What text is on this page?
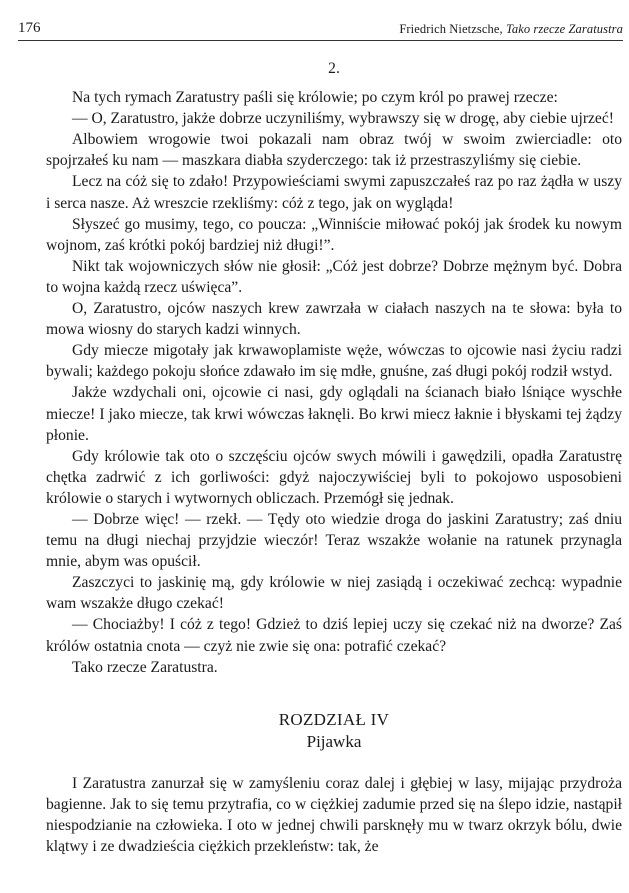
176	Friedrich Nietzsche, Tako rzecze Zaratustra
2.

Na tych rymach Zaratustry paśli się królowie; po czym król po prawej rzecze:

— O, Zaratustro, jakże dobrze uczyniliśmy, wybrawszy się w drogę, aby ciebie ujrzeć!

Albowiem wrogowie twoi pokazali nam obraz twój w swoim zwierciadle: oto spojrzałeś ku nam — maszkara diabła szyderczego: tak iż przestraszyliśmy się ciebie.

Lecz na cóż się to zdało! Przypowieściami swymi zapuszczałeś raz po raz żądła w uszy i serca nasze. Aż wreszcie rzekliśmy: cóż z tego, jak on wygląda!

Słyszeć go musimy, tego, co poucza: „Winniście miłować pokój jak środek ku nowym wojnom, zaś krótki pokój bardziej niż długi!”.

Nikt tak wojowniczych słów nie głosił: „Cóż jest dobrze? Dobrze mężnym być. Dobra to wojna każdą rzecz uświęca”.

O, Zaratustro, ojców naszych krew zawrzała w ciałach naszych na te słowa: była to mowa wiosny do starych kadzi winnych.

Gdy miecze migotały jak krwawoplamiste węże, wówczas to ojcowie nasi życiu radzi bywali; każdego pokoju słońce zdawało im się mdłe, gnuśne, zaś długi pokój rodził wstyd.

Jakże wzdychali oni, ojcowie ci nasi, gdy oglądali na ścianach biało lśniące wyschłe miecze! I jako miecze, tak krwi wówczas łaknęli. Bo krwi miecz łaknie i błyskami tej żądzy płonie.

Gdy królowie tak oto o szczęściu ojców swych mówili i gawędzili, opadła Zaratustrę chętka zadrwić z ich gorliwości: gdyż najoczywiściej byli to pokojowo usposobieni królowie o starych i wytwornych obliczach. Przemógł się jednak.

— Dobrze więc! — rzekł. — Tędy oto wiedzie droga do jaskini Zaratustry; zaś dniu temu na długi niechaj przyjdzie wieczór! Teraz wszakże wołanie na ratunek przynagla mnie, abym was opuścił.

Zaszczyci to jaskinię mą, gdy królowie w niej zasiądą i oczekiwać zechcą: wypadnie wam wszakże długo czekać!

— Chociażby! I cóż z tego! Gdzież to dziś lepiej uczy się czekać niż na dworze? Zaś królów ostatnia cnota — czyż nie zwie się ona: potrafić czekać?

Tako rzecze Zaratustra.

ROZDZIAŁ IV
Pijawka

I Zaratustra zanurzał się w zamyśleniu coraz dalej i głębiej w lasy, mijając przydroża bagienne. Jak to się temu przytrafia, co w ciężkiej zadumie przed się na ślepo idzie, nastąpił niespodzianie na człowieka. I oto w jednej chwili parsknęły mu w twarz okrzyk bólu, dwie klątwy i ze dwadzieścia ciężkich przekleństw: tak, że
